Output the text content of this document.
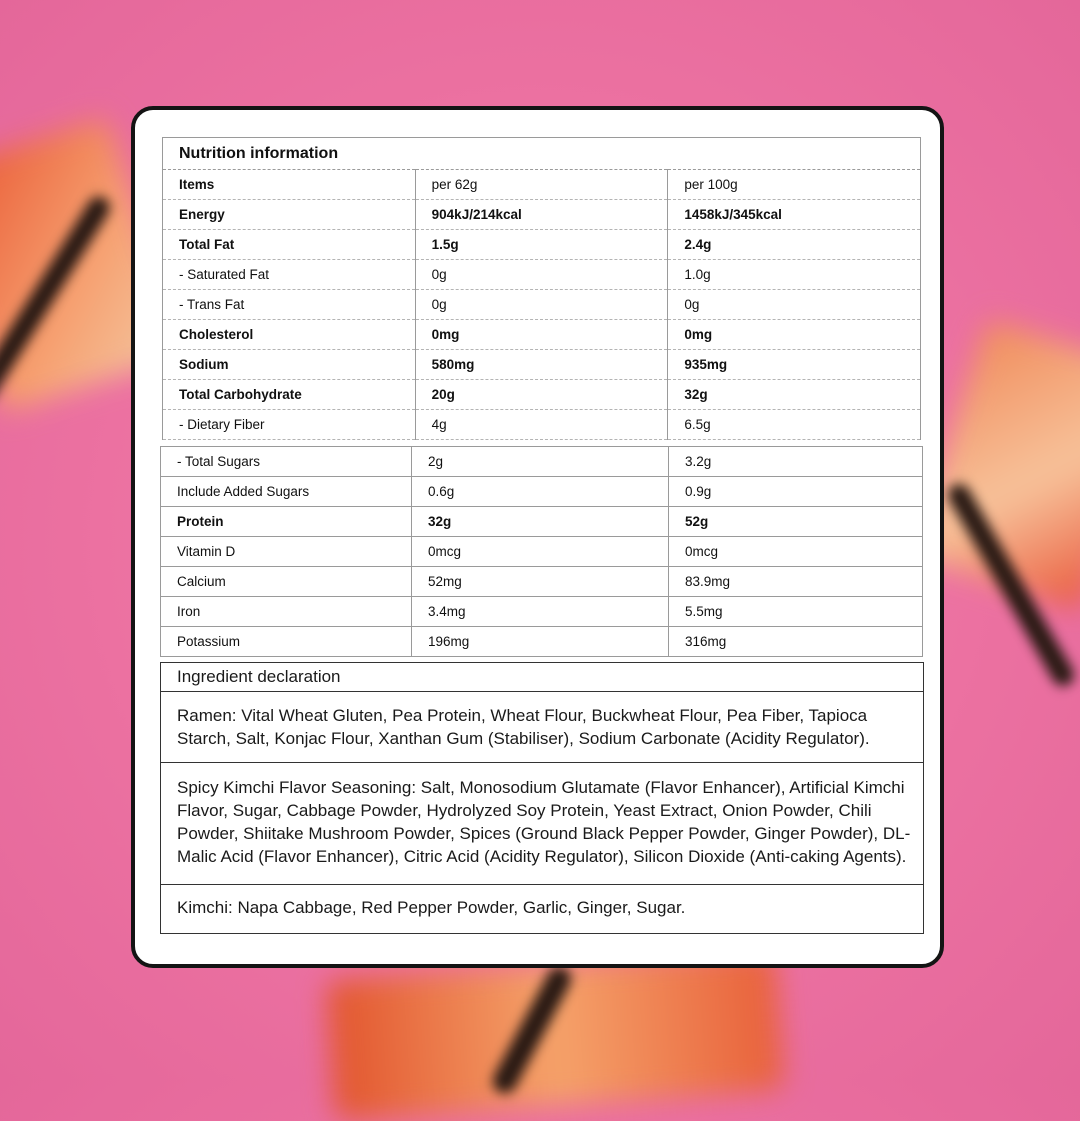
Nutrition information		
Items	per 62g	per 100g
Energy	904kJ/214kcal	1458kJ/345kcal
Total Fat	1.5g	2.4g
- Saturated Fat	0g	1.0g
- Trans Fat	0g	0g
Cholesterol	0mg	0mg
Sodium	580mg	935mg
Total Carbohydrate	20g	32g
- Dietary Fiber	4g	6.5g
- Total Sugars	2g	3.2g
Include Added Sugars	0.6g	0.9g
Protein	32g	52g
Vitamin D	0mcg	0mcg
Calcium	52mg	83.9mg
Iron	3.4mg	5.5mg
Potassium	196mg	316mg
Ingredient declaration
Ramen: Vital Wheat Gluten, Pea Protein, Wheat Flour, Buckwheat Flour, Pea Fiber, Tapioca Starch, Salt, Konjac Flour, Xanthan Gum (Stabiliser), Sodium Carbonate (Acidity Regulator).
Spicy Kimchi Flavor Seasoning: Salt, Monosodium Glutamate (Flavor Enhancer), Artificial Kimchi Flavor, Sugar, Cabbage Powder, Hydrolyzed Soy Protein, Yeast Extract, Onion Powder, Chili Powder, Shiitake Mushroom Powder, Spices (Ground Black Pepper Powder, Ginger Powder), DL-Malic Acid (Flavor Enhancer), Citric Acid (Acidity Regulator), Silicon Dioxide (Anti-caking Agents).
Kimchi: Napa Cabbage, Red Pepper Powder, Garlic, Ginger, Sugar.
